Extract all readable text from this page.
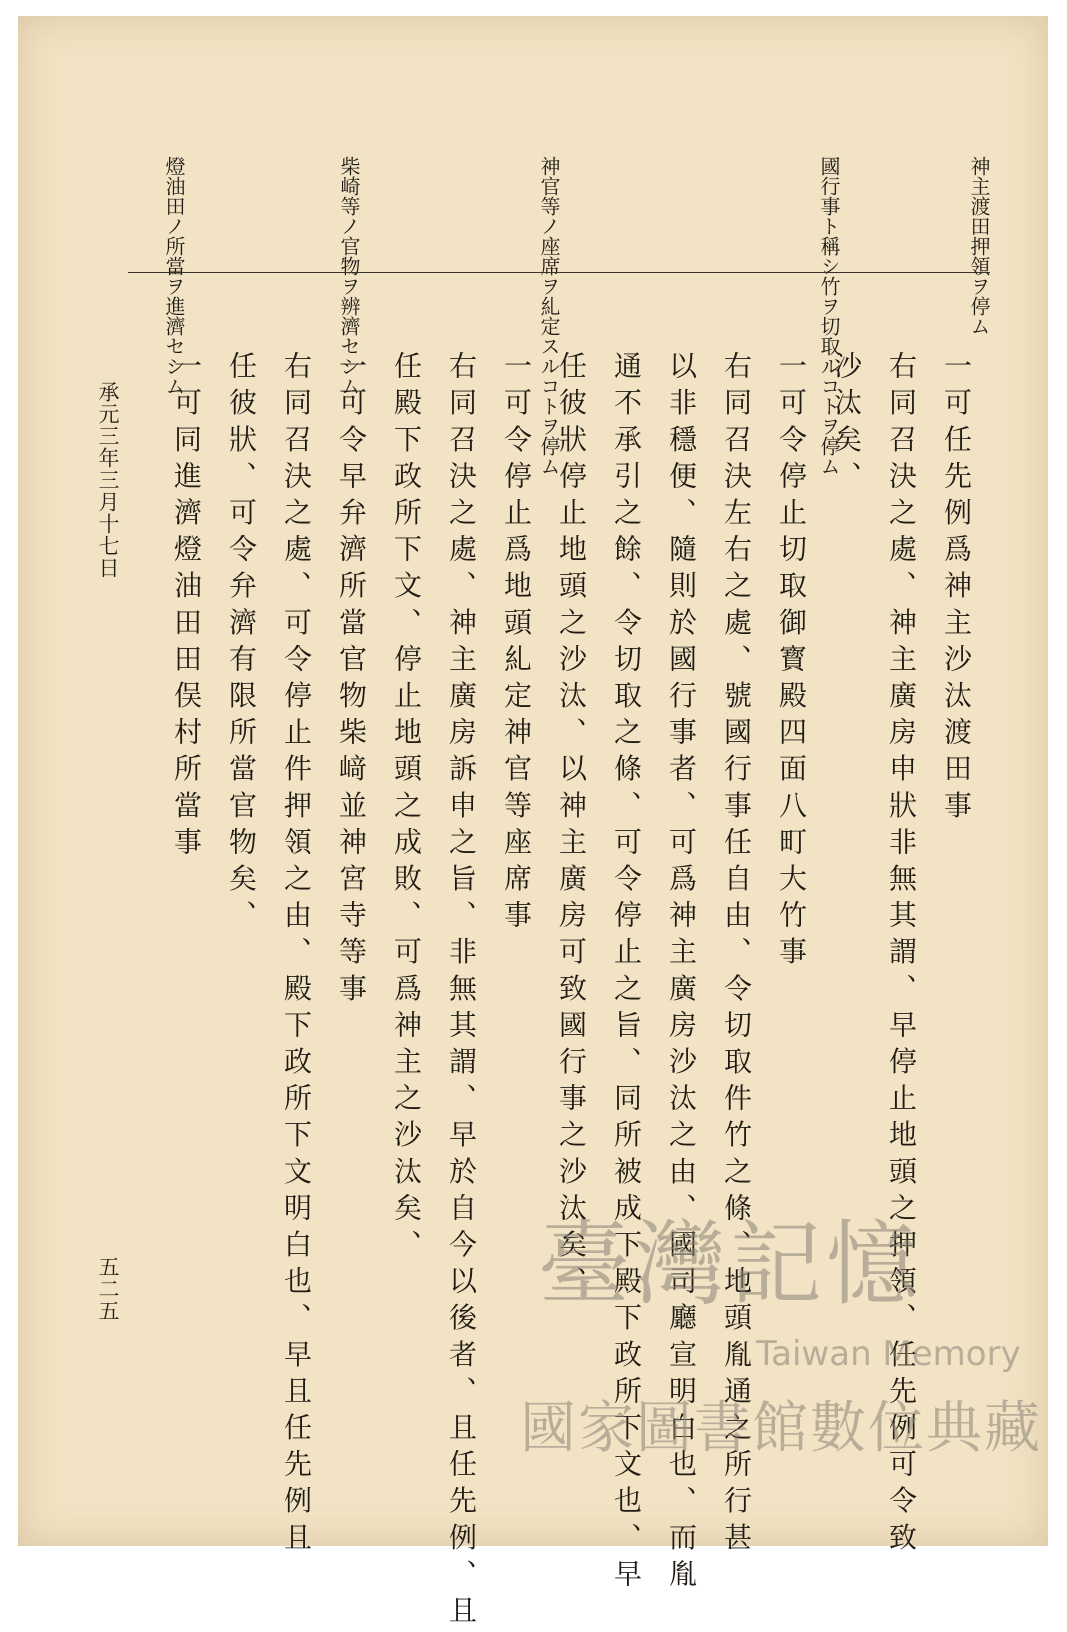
神主渡田押領ヲ停ム
國行事ト稱シ竹ヲ切取ルコトヲ停ム
神官等ノ座席ヲ糺定スルコトヲ停ム
柴崎等ノ官物ヲ辨濟セシム
燈油田ノ所當ヲ進濟セシム
一可任先例爲神主沙汰渡田事
右同召決之處、神主廣房申狀非無其謂、早停止地頭之押領、任先例可令致
沙汰矣、
一可令停止切取御寳殿四面八町大竹事
右同召決左右之處、號國行事任自由、令切取件竹之條、地頭胤通之所行甚
以非穩便、隨則於國行事者、可爲神主廣房沙汰之由、國司廳宣明白也、而胤
通不承引之餘、令切取之條、可令停止之旨、同所被成下殿下政所下文也、早
任彼狀停止地頭之沙汰、以神主廣房可致國行事之沙汰矣、
一可令停止爲地頭糺定神官等座席事
右同召決之處、神主廣房訴申之旨、非無其謂、早於自今以後者、且任先例、且
任殿下政所下文、停止地頭之成敗、可爲神主之沙汰矣、
一可令早弁濟所當官物柴﨑並神宮寺等事
右同召決之處、可令停止件押領之由、殿下政所下文明白也、早且任先例且
任彼狀、可令弁濟有限所當官物矣、
一可同進濟燈油田田俣村所當事
承元三年三月十七日
五二五	臺灣記憶
Taiwan Memory
國家圖書館數位典藏
